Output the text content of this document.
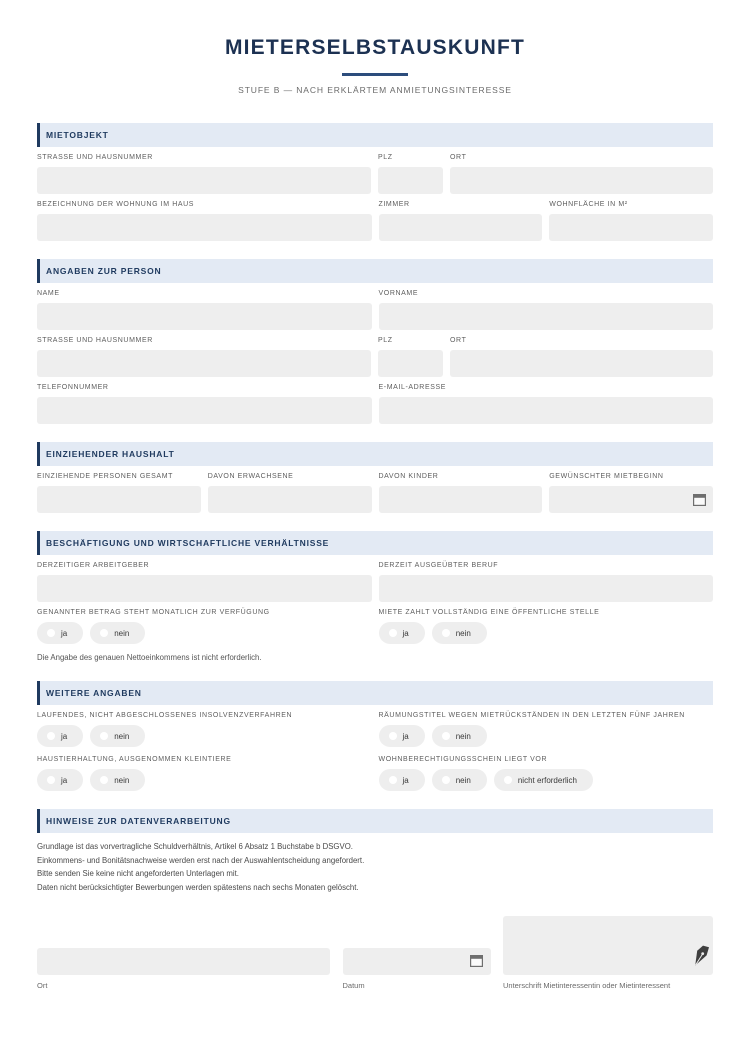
MIETERSELBSTAUSKUNFT
STUFE B — NACH ERKLÄRTEM ANMIETUNGSINTERESSE
MIETOBJEKT
STRASSE UND HAUSNUMMER	PLZ	ORT
BEZEICHNUNG DER WOHNUNG IM HAUS	ZIMMER	WOHNFLÄCHE IN M²
ANGABEN ZUR PERSON
NAME	VORNAME
STRASSE UND HAUSNUMMER	PLZ	ORT
TELEFONNUMMER	E-MAIL-ADRESSE
EINZIEHENDER HAUSHALT
EINZIEHENDE PERSONEN GESAMT	DAVON ERWACHSENE	DAVON KINDER	GEWÜNSCHTER MIETBEGINN
BESCHÄFTIGUNG UND WIRTSCHAFTLICHE VERHÄLTNISSE
DERZEITIGER ARBEITGEBER	DERZEIT AUSGEÜBTER BERUF
GENANNTER BETRAG STEHT MONATLICH ZUR VERFÜGUNG
ja	nein
MIETE ZAHLT VOLLSTÄNDIG EINE ÖFFENTLICHE STELLE
ja	nein
Die Angabe des genauen Nettoeinkommens ist nicht erforderlich.
WEITERE ANGABEN
LAUFENDES, NICHT ABGESCHLOSSENES INSOLVENZVERFAHREN
ja	nein
RÄUMUNGSTITEL WEGEN MIETRÜCKSTÄNDEN IN DEN LETZTEN FÜNF JAHREN
ja	nein
HAUSTIERHALTUNG, AUSGENOMMEN KLEINTIERE
ja	nein
WOHNBERECHTIGUNGSSCHEIN LIEGT VOR
ja	nein	nicht erforderlich
HINWEISE ZUR DATENVERARBEITUNG
Grundlage ist das vorvertragliche Schuldverhältnis, Artikel 6 Absatz 1 Buchstabe b DSGVO.
Einkommens- und Bonitätsnachweise werden erst nach der Auswahlentscheidung angefordert.
Bitte senden Sie keine nicht angeforderten Unterlagen mit.
Daten nicht berücksichtigter Bewerbungen werden spätestens nach sechs Monaten gelöscht.
Ort	Datum	Unterschrift Mietinteressentin oder Mietinteressent
